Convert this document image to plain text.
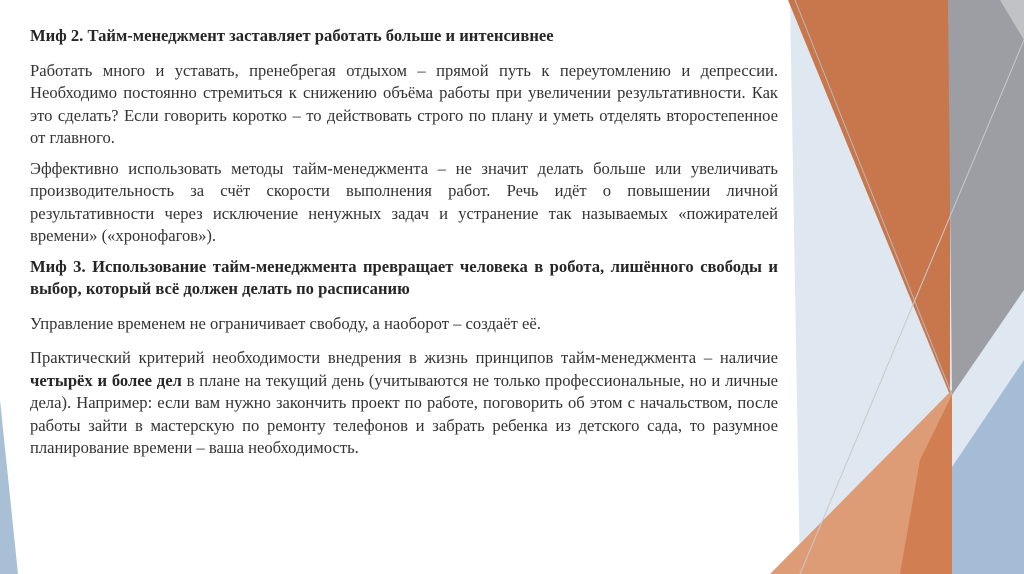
Миф 2. Тайм-менеджмент заставляет работать больше и интенсивнее

Работать много и уставать, пренебрегая отдыхом – прямой путь к переутомлению и депрессии. Необходимо постоянно стремиться к снижению объёма работы при увеличении результативности. Как это сделать? Если говорить коротко – то действовать строго по плану и уметь отделять второстепенное от главного.

Эффективно использовать методы тайм-менеджмента – не значит делать больше или увеличивать производительность за счёт скорости выполнения работ. Речь идёт о повышении личной результативности через исключение ненужных задач и устранение так называемых «пожирателей времени» («хронофагов»).

Миф 3. Использование тайм-менеджмента превращает человека в робота, лишённого свободы и выбор, который всё должен делать по расписанию

Управление временем не ограничивает свободу, а наоборот – создаёт её.

Практический критерий необходимости внедрения в жизнь принципов тайм-менеджмента – наличие четырёх и более дел в плане на текущий день (учитываются не только профессиональные, но и личные дела). Например: если вам нужно закончить проект по работе, поговорить об этом с начальством, после работы зайти в мастерскую по ремонту телефонов и забрать ребенка из детского сада, то разумное планирование времени – ваша необходимость.
